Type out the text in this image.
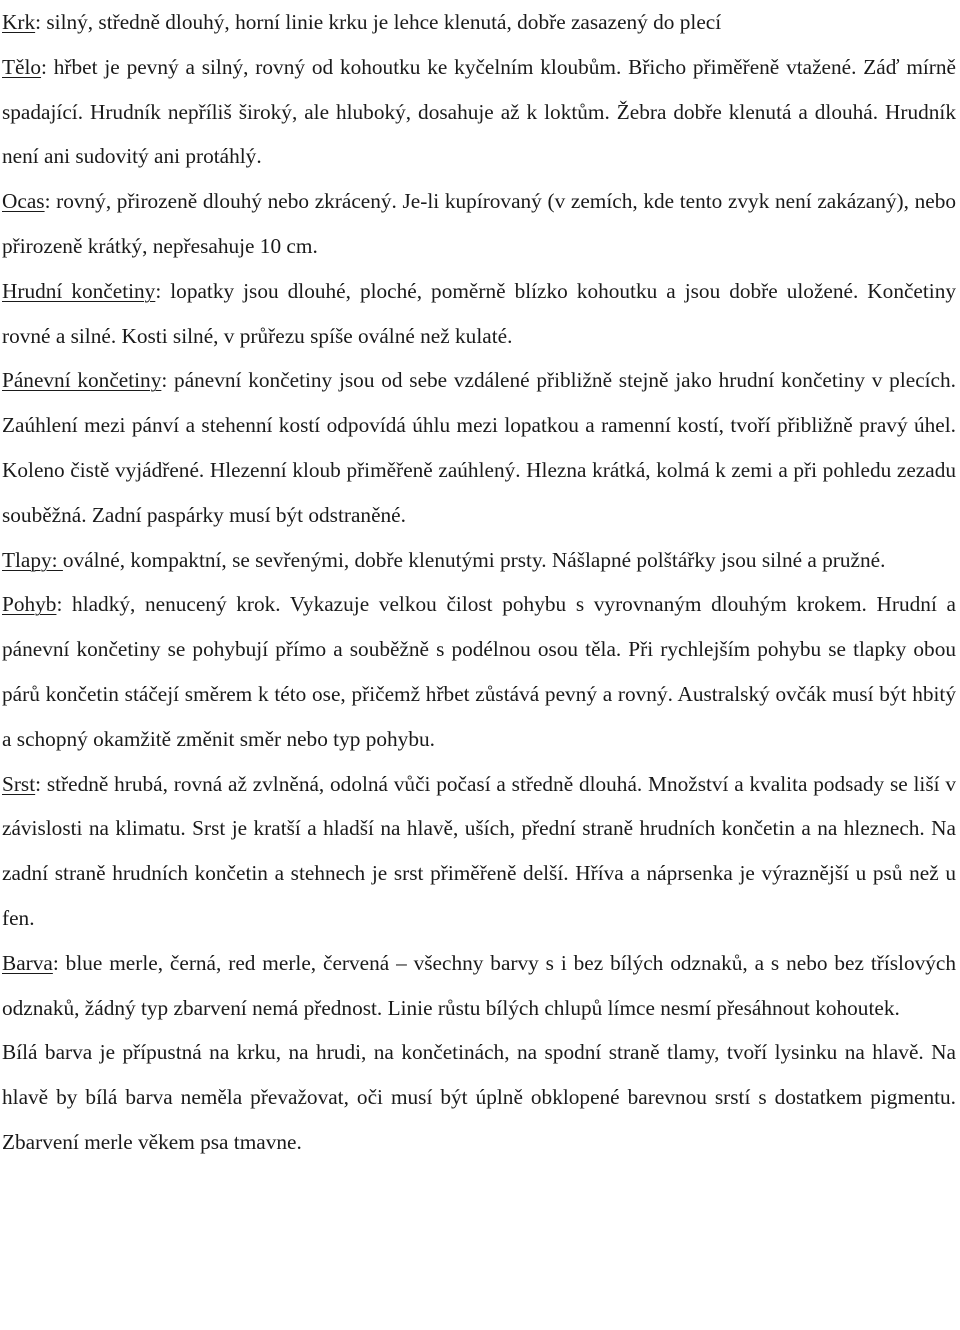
Krk: silný, středně dlouhý, horní linie krku je lehce klenutá, dobře zasazený do plecí

Tělo: hřbet je pevný a silný, rovný od kohoutku ke kyčelním kloubům. Břicho přiměřeně vtažené. Záď mírně spadající. Hrudník nepříliš široký, ale hluboký, dosahuje až k loktům. Žebra dobře klenutá a dlouhá. Hrudník není ani sudovitý ani protáhlý.

Ocas: rovný, přirozeně dlouhý nebo zkrácený. Je-li kupírovaný (v zemích, kde tento zvyk není zakázaný), nebo přirozeně krátký, nepřesahuje 10 cm.

Hrudní končetiny: lopatky jsou dlouhé, ploché, poměrně blízko kohoutku a jsou dobře uložené. Končetiny rovné a silné. Kosti silné, v průřezu spíše oválné než kulaté.

Pánevní končetiny: pánevní končetiny jsou od sebe vzdálené přibližně stejně jako hrudní končetiny v plecích. Zaúhlení mezi pánví a stehenní kostí odpovídá úhlu mezi lopatkou a ramenní kostí, tvoří přibližně pravý úhel. Koleno čistě vyjádřené. Hlezenní kloub přiměřeně zaúhlený. Hlezna krátká, kolmá k zemi a při pohledu zezadu souběžná. Zadní paspárky musí být odstraněné.

Tlapy: oválné, kompaktní, se sevřenými, dobře klenutými prsty. Nášlapné polštářky jsou silné a pružné.

Pohyb: hladký, nenucený krok. Vykazuje velkou čilost pohybu s vyrovnaným dlouhým krokem. Hrudní a pánevní končetiny se pohybují přímo a souběžně s podélnou osou těla. Při rychlejším pohybu se tlapky obou párů končetin stáčejí směrem k této ose, přičemž hřbet zůstává pevný a rovný. Australský ovčák musí být hbitý a schopný okamžitě změnit směr nebo typ pohybu.

Srst: středně hrubá, rovná až zvlněná, odolná vůči počasí a středně dlouhá. Množství a kvalita podsady se liší v závislosti na klimatu. Srst je kratší a hladší na hlavě, uších, přední straně hrudních končetin a na hleznech. Na zadní straně hrudních končetin a stehnech je srst přiměřeně delší. Hříva a náprsenka je výraznější u psů než u fen.

Barva: blue merle, černá, red merle, červená – všechny barvy s i bez bílých odznaků, a s nebo bez tříslových odznaků, žádný typ zbarvení nemá přednost. Linie růstu bílých chlupů límce nesmí přesáhnout kohoutek.

Bílá barva je přípustná na krku, na hrudi, na končetinách, na spodní straně tlamy, tvoří lysinku na hlavě. Na hlavě by bílá barva neměla převažovat, oči musí být úplně obklopené barevnou srstí s dostatkem pigmentu. Zbarvení merle věkem psa tmavne.
